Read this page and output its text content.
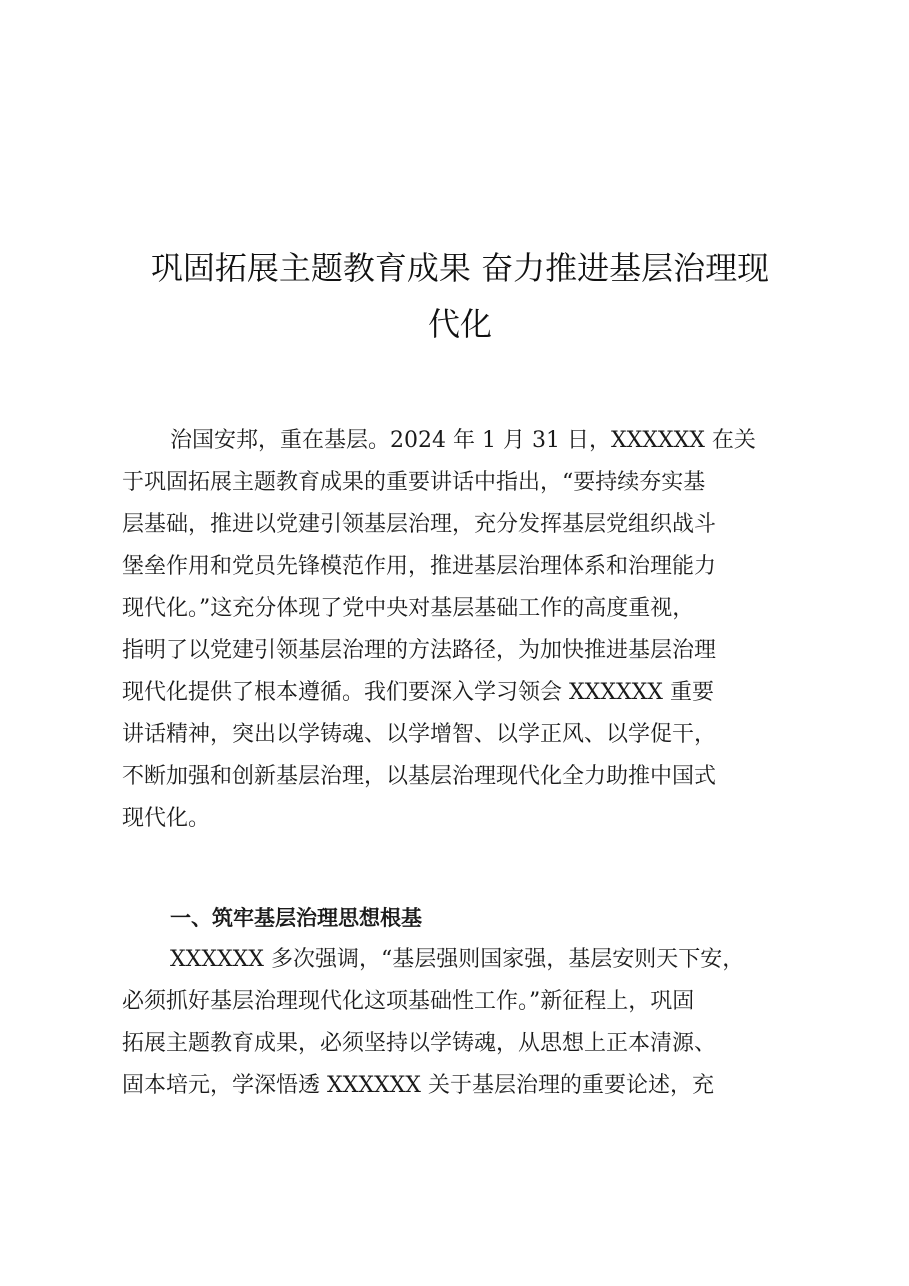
巩固拓展主题教育成果 奋力推进基层治理现
代化
治国安邦，重在基层。2024 年 1 月 31 日，XXXXXX 在关
于巩固拓展主题教育成果的重要讲话中指出，“要持续夯实基
层基础，推进以党建引领基层治理，充分发挥基层党组织战斗
堡垒作用和党员先锋模范作用，推进基层治理体系和治理能力
现代化。”这充分体现了党中央对基层基础工作的高度重视，
指明了以党建引领基层治理的方法路径，为加快推进基层治理
现代化提供了根本遵循。我们要深入学习领会 XXXXXX 重要
讲话精神，突出以学铸魂、以学增智、以学正风、以学促干，
不断加强和创新基层治理，以基层治理现代化全力助推中国式
现代化。
一、筑牢基层治理思想根基
XXXXXX 多次强调，“基层强则国家强，基层安则天下安，
必须抓好基层治理现代化这项基础性工作。”新征程上，巩固
拓展主题教育成果，必须坚持以学铸魂，从思想上正本清源、
固本培元，学深悟透 XXXXXX 关于基层治理的重要论述，充
